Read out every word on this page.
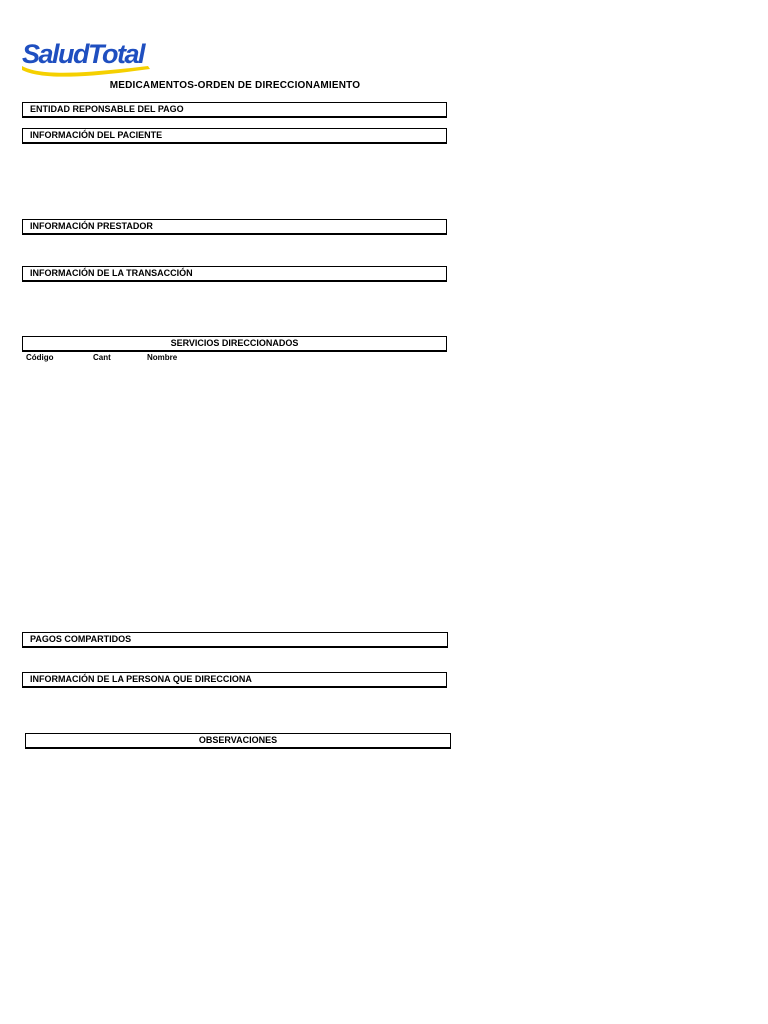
SaludTotal
MEDICAMENTOS-ORDEN DE DIRECCIONAMIENTO
ENTIDAD REPONSABLE DEL PAGO
INFORMACIÓN DEL PACIENTE
INFORMACIÓN PRESTADOR
INFORMACIÓN DE LA TRANSACCIÓN
SERVICIOS DIRECCIONADOS
Código	Cant	Nombre
PAGOS COMPARTIDOS
INFORMACIÓN DE LA PERSONA QUE DIRECCIONA
OBSERVACIONES
